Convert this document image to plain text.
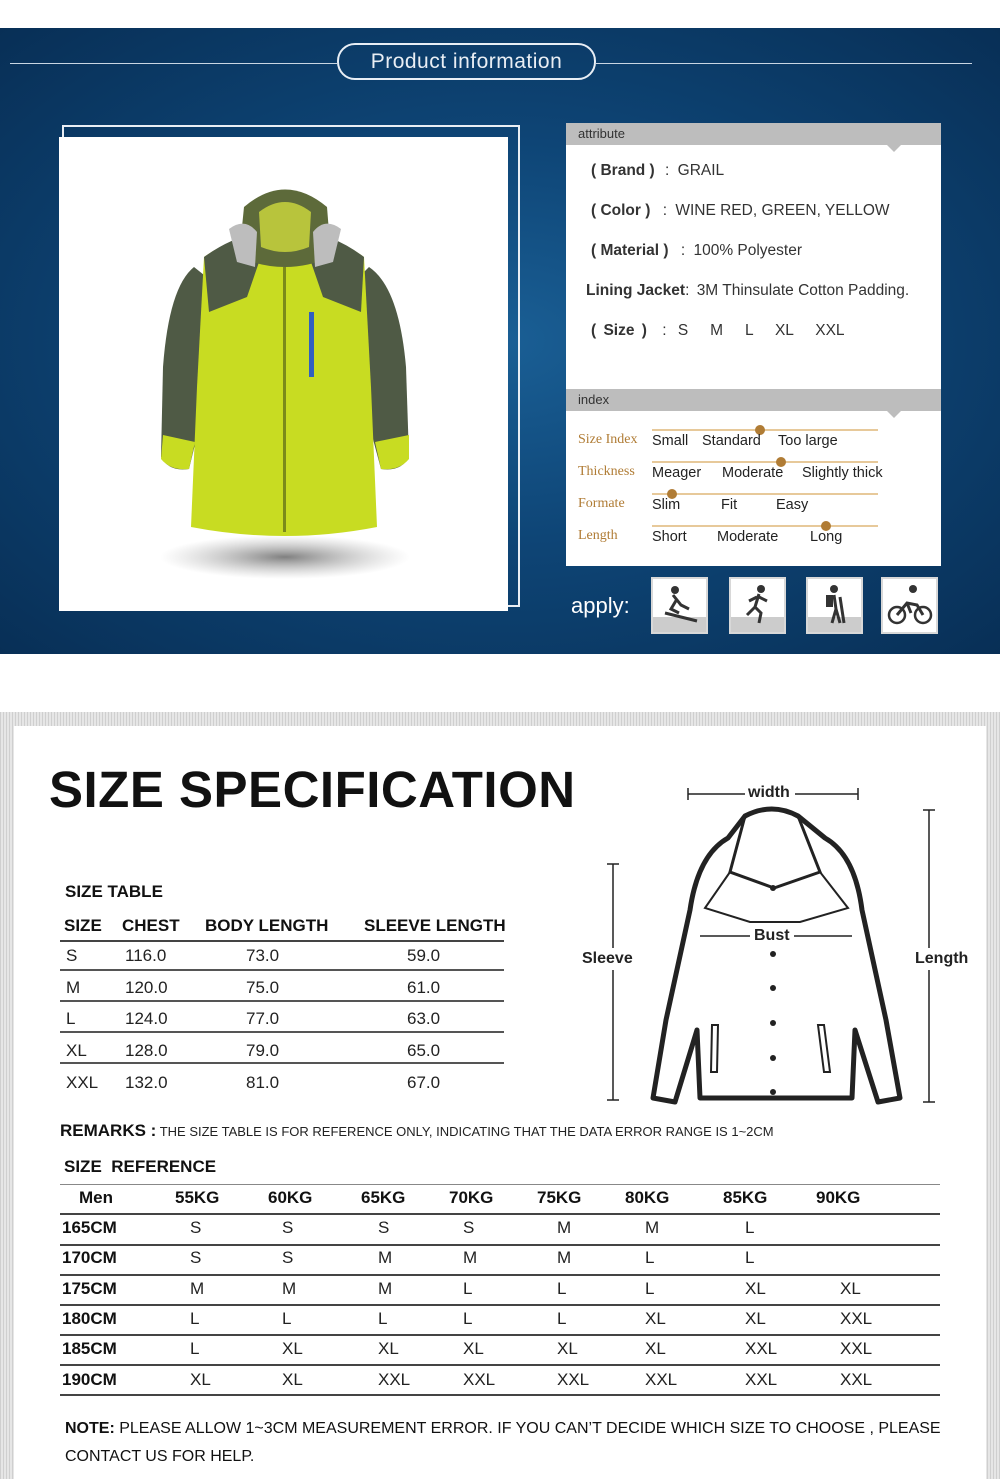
Product information
attribute
( Brand ) : GRAIL
( Color ) : WINE RED, GREEN, YELLOW
( Material ) : 100% Polyester
Lining Jacket: 3M Thinsulate Cotton Padding.
( Size ) : S   M   L   XL   XXL
index
Size Index Small Standard Too large
Thickness Meager Moderate Slightly thick
Formate Slim	Fit	Easy
Length Short Moderate Long
apply:
SIZE SPECIFICATION
SIZE TABLE
SIZE CHEST BODY LENGTH SLEEVE LENGTH
S	116.0	73.0	59.0
M	120.0	75.0	61.0
L	124.0	77.0	63.0
XL 128.0	79.0	65.0
XXL 132.0	81.0	67.0
width
Bust
Sleeve	Length
REMARKS : THE SIZE TABLE IS FOR REFERENCE ONLY, INDICATING THAT THE DATA ERROR RANGE IS 1~2CM
SIZE  REFERENCE
Men	55KG	60KG	65KG	70KG	75KG	80KG	85KG	90KG
165CM	S	S	S	S	M	M	L
170CM	S	S	M	M	M	L	L
175CM	M	M	M	L	L	L	XL	XL
180CM	L	L	L	L	L	XL	XL	XXL
185CM	L	XL	XL	XL	XL	XL	XXL	XXL
190CM	XL	XL	XXL	XXL	XXL	XXL	XXL	XXL
NOTE: PLEASE ALLOW 1~3CM MEASUREMENT ERROR. IF YOU CAN’T DECIDE WHICH SIZE TO CHOOSE , PLEASE CONTACT US FOR HELP.
